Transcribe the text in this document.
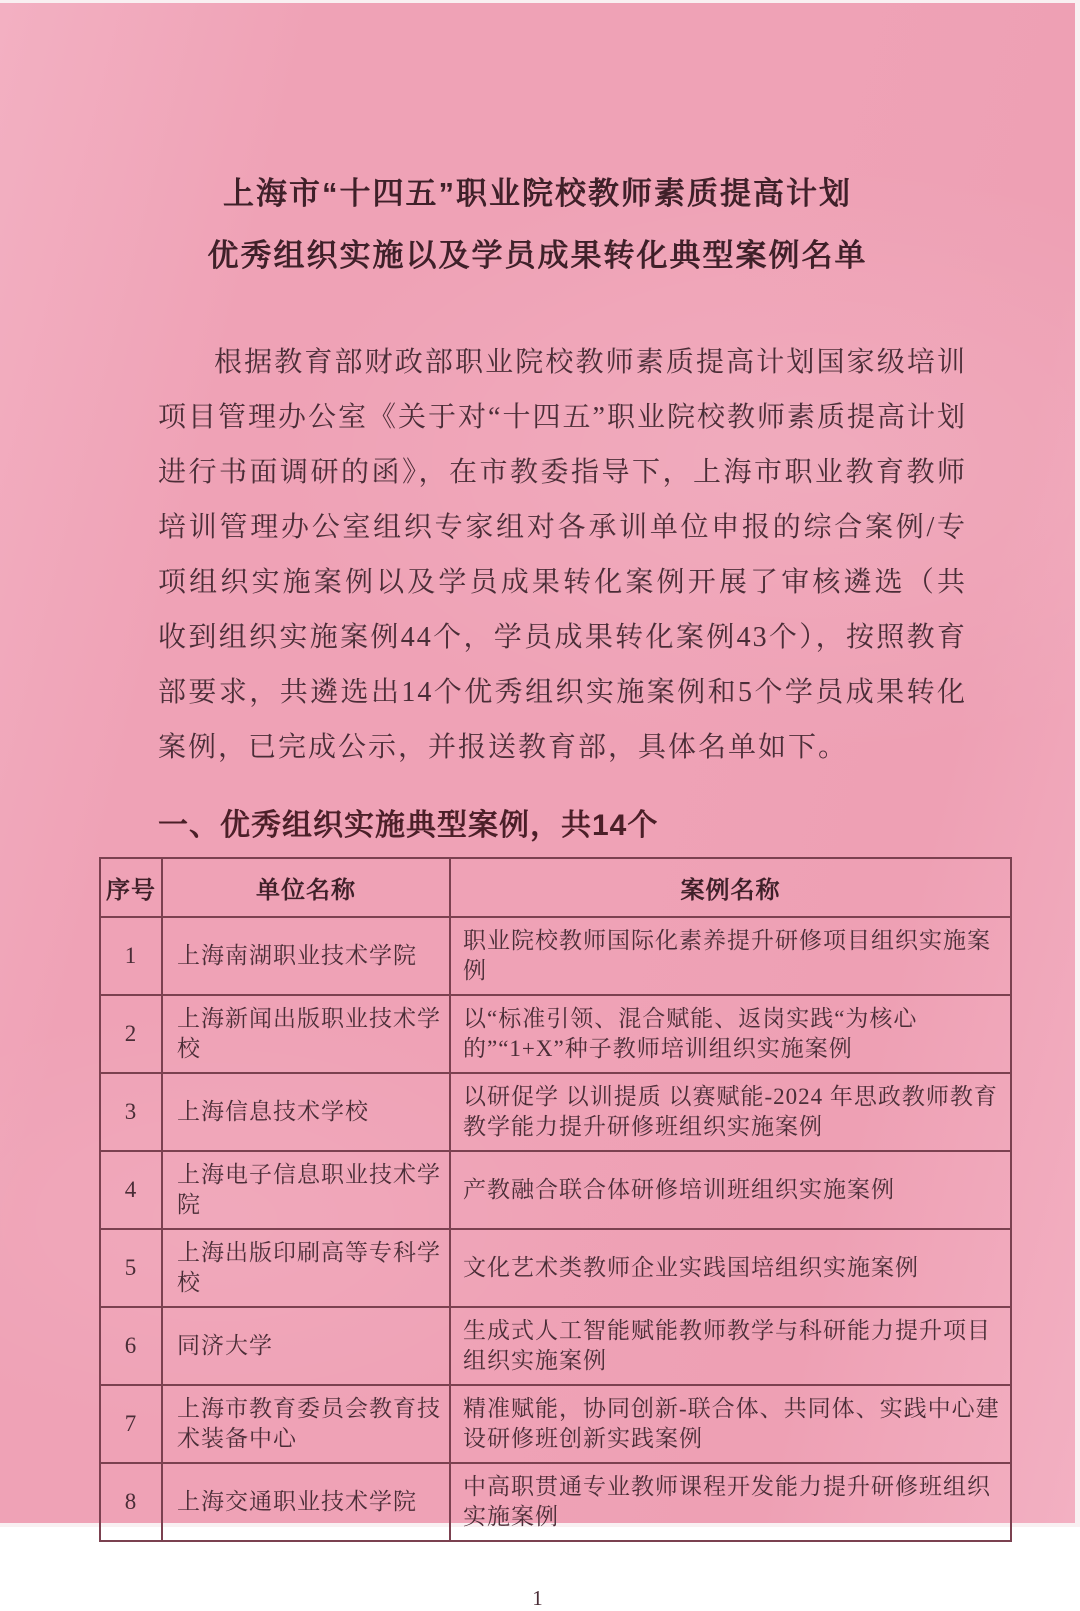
上海市“十四五”职业院校教师素质提高计划
优秀组织实施以及学员成果转化典型案例名单

根据教育部财政部职业院校教师素质提高计划国家级培训项目管理办公室《关于对“十四五”职业院校教师素质提高计划进行书面调研的函》，在市教委指导下，上海市职业教育教师培训管理办公室组织专家组对各承训单位申报的综合案例/专项组织实施案例以及学员成果转化案例开展了审核遴选（共收到组织实施案例44个，学员成果转化案例43个），按照教育部要求，共遴选出14个优秀组织实施案例和5个学员成果转化案例，已完成公示，并报送教育部，具体名单如下。

一、优秀组织实施典型案例，共14个
序号	单位名称	案例名称
1	上海南湖职业技术学院	职业院校教师国际化素养提升研修项目组织实施案例
2	上海新闻出版职业技术学校	以“标准引领、混合赋能、返岗实践“为核心的”“1+X”种子教师培训组织实施案例
3	上海信息技术学校	以研促学 以训提质 以赛赋能-2024 年思政教师教育教学能力提升研修班组织实施案例
4	上海电子信息职业技术学院	产教融合联合体研修培训班组织实施案例
5	上海出版印刷高等专科学校	文化艺术类教师企业实践国培组织实施案例
6	同济大学	生成式人工智能赋能教师教学与科研能力提升项目组织实施案例
7	上海市教育委员会教育技术装备中心	精准赋能，协同创新-联合体、共同体、实践中心建设研修班创新实践案例
8	上海交通职业技术学院	中高职贯通专业教师课程开发能力提升研修班组织实施案例
1
